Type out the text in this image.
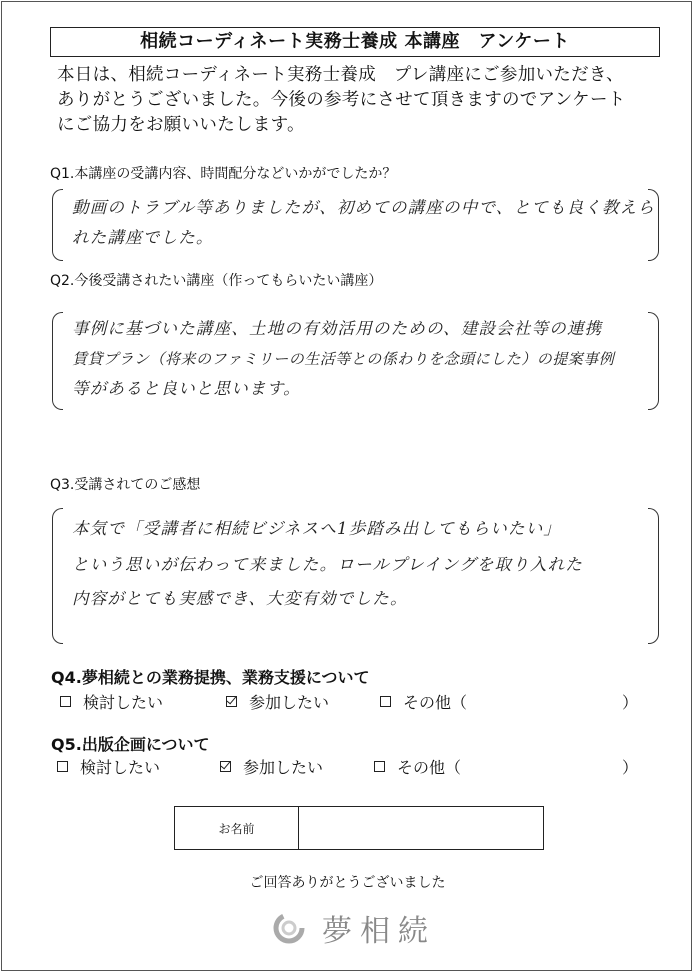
相続コーディネート実務士養成 本講座　アンケート
本日は、相続コーディネート実務士養成　プレ講座にご参加いただき、
ありがとうございました。今後の参考にさせて頂きますのでアンケート
にご協力をお願いいたします。
Q1.本講座の受講内容、時間配分などいかがでしたか？
動画のトラブル等ありましたが、初めての講座の中で、とても良く教えら
れた講座でした。
Q2.今後受講されたい講座（作ってもらいたい講座）
事例に基づいた講座、土地の有効活用のための、建設会社等の連携
賃貸プラン（将来のファミリーの生活等との係わりを念頭にした）の提案事例
等があると良いと思います。
Q3.受講されてのご感想
本気で「受講者に相続ビジネスへ1歩踏み出してもらいたい」
という思いが伝わって来ました。ロールプレイングを取り入れた
内容がとても実感でき、大変有効でした。
Q4.夢相続との業務提携、業務支援について
検討したい	参加したい	その他（	）
Q5.出版企画について
検討したい	参加したい	その他（	）
お名前
ご回答ありがとうございました
夢相続
